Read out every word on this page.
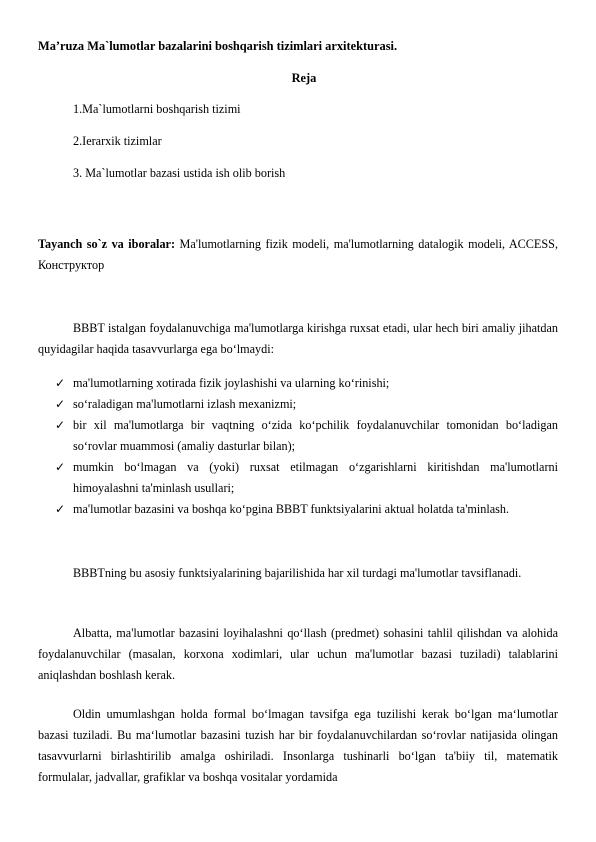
Ma’ruza Ma`lumotlar bazalarini boshqarish tizimlari arxitekturasi.
Reja
1.Ma`lumotlarni boshqarish tizimi
2.Ierarxik tizimlar
3. Ma`lumotlar bazasi ustida ish olib borish
Tayanch so`z va iboralar: Ma'lumotlarning fizik modeli, ma'lumotlarning datalogik modeli, ACCESS, Конструктор

BBBT istalgan foydalanuvchiga ma'lumotlarga kirishga ruxsat etadi, ular hech biri amaliy jihatdan quyidagilar haqida tasavvurlarga ega bo‘lmaydi:

✓ ma'lumotlarning xotirada fizik joylashishi va ularning ko‘rinishi;
✓ so‘raladigan ma'lumotlarni izlash mexanizmi;
✓ bir xil ma'lumotlarga bir vaqtning o‘zida ko‘pchilik foydalanuvchilar tomonidan bo‘ladigan so‘rovlar muammosi (amaliy dasturlar bilan);
✓ mumkin bo‘lmagan va (yoki) ruxsat etilmagan o‘zgarishlarni kiritishdan ma'lumotlarni himoyalashni ta'minlash usullari;
✓ ma'lumotlar bazasini va boshqa ko‘pgina BBBT funktsiyalarini aktual holatda ta'minlash.

BBBTning bu asosiy funktsiyalarining bajarilishida har xil turdagi ma'lumotlar tavsiflanadi.

Albatta, ma'lumotlar bazasini loyihalashni qo‘llash (predmet) sohasini tahlil qilishdan va alohida foydalanuvchilar (masalan, korxona xodimlari, ular uchun ma'lumotlar bazasi tuziladi) talablarini aniqlashdan boshlash kerak.

Oldin umumlashgan holda formal bo‘lmagan tavsifga ega tuzilishi kerak bo‘lgan ma‘lumotlar bazasi tuziladi. Bu ma‘lumotlar bazasini tuzish har bir foydalanuvchilardan so‘rovlar natijasida olingan tasavvurlarni birlashtirilib amalga oshiriladi. Insonlarga tushinarli bo‘lgan ta'biiy til, matematik formulalar, jadvallar, grafiklar va boshqa vositalar yordamida
